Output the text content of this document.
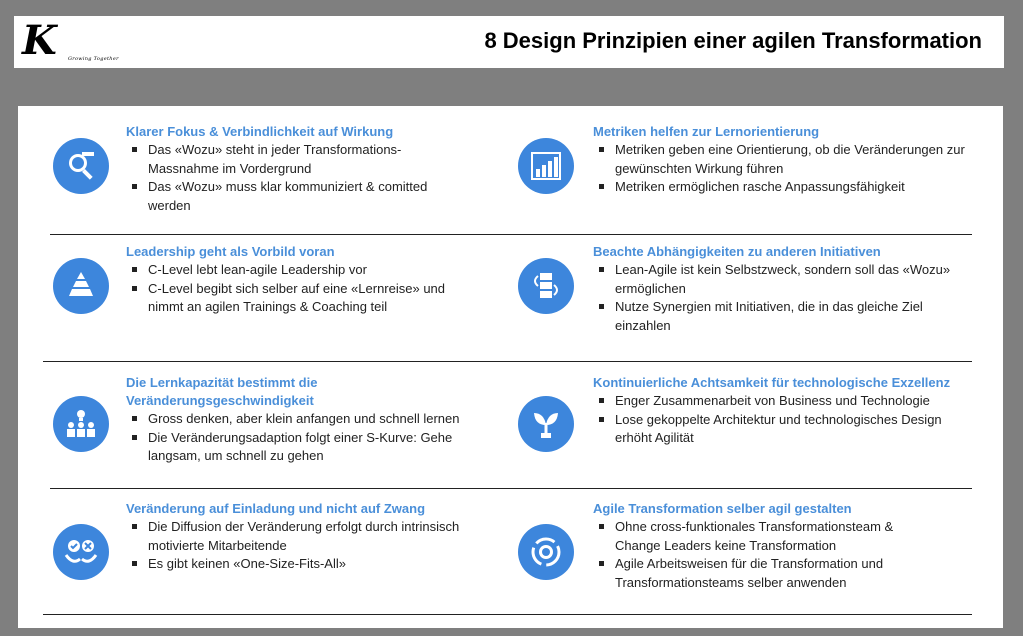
K Growing Together
8 Design Prinzipien einer agilen Transformation
Klarer Fokus & Verbindlichkeit auf Wirkung
Das «Wozu» steht in jeder Transformations-Massnahme im Vordergrund
Das «Wozu» muss klar kommuniziert & comitted werden
Metriken helfen zur Lernorientierung
Metriken geben eine Orientierung, ob die Veränderungen zur gewünschten Wirkung führen
Metriken ermöglichen rasche Anpassungsfähigkeit
Leadership geht als Vorbild voran
C-Level lebt lean-agile Leadership vor
C-Level begibt sich selber auf eine «Lernreise» und nimmt an agilen Trainings & Coaching teil
Beachte Abhängigkeiten zu anderen Initiativen
Lean-Agile ist kein Selbstzweck, sondern soll das «Wozu» ermöglichen
Nutze Synergien mit Initiativen, die in das gleiche Ziel einzahlen
Die Lernkapazität bestimmt die Veränderungsgeschwindigkeit
Gross denken, aber klein anfangen und schnell lernen
Die Veränderungsadaption folgt einer S-Kurve: Gehe langsam, um schnell zu gehen
Kontinuierliche Achtsamkeit für technologische Exzellenz
Enger Zusammenarbeit von Business und Technologie
Lose gekoppelte Architektur und technologisches Design erhöht Agilität
Veränderung auf Einladung und nicht auf Zwang
Die Diffusion der Veränderung erfolgt durch intrinsisch motivierte Mitarbeitende
Es gibt keinen «One-Size-Fits-All»
Agile Transformation selber agil gestalten
Ohne cross-funktionales Transformationsteam & Change Leaders keine Transformation
Agile Arbeitsweisen für die Transformation und Transformationsteams selber anwenden
